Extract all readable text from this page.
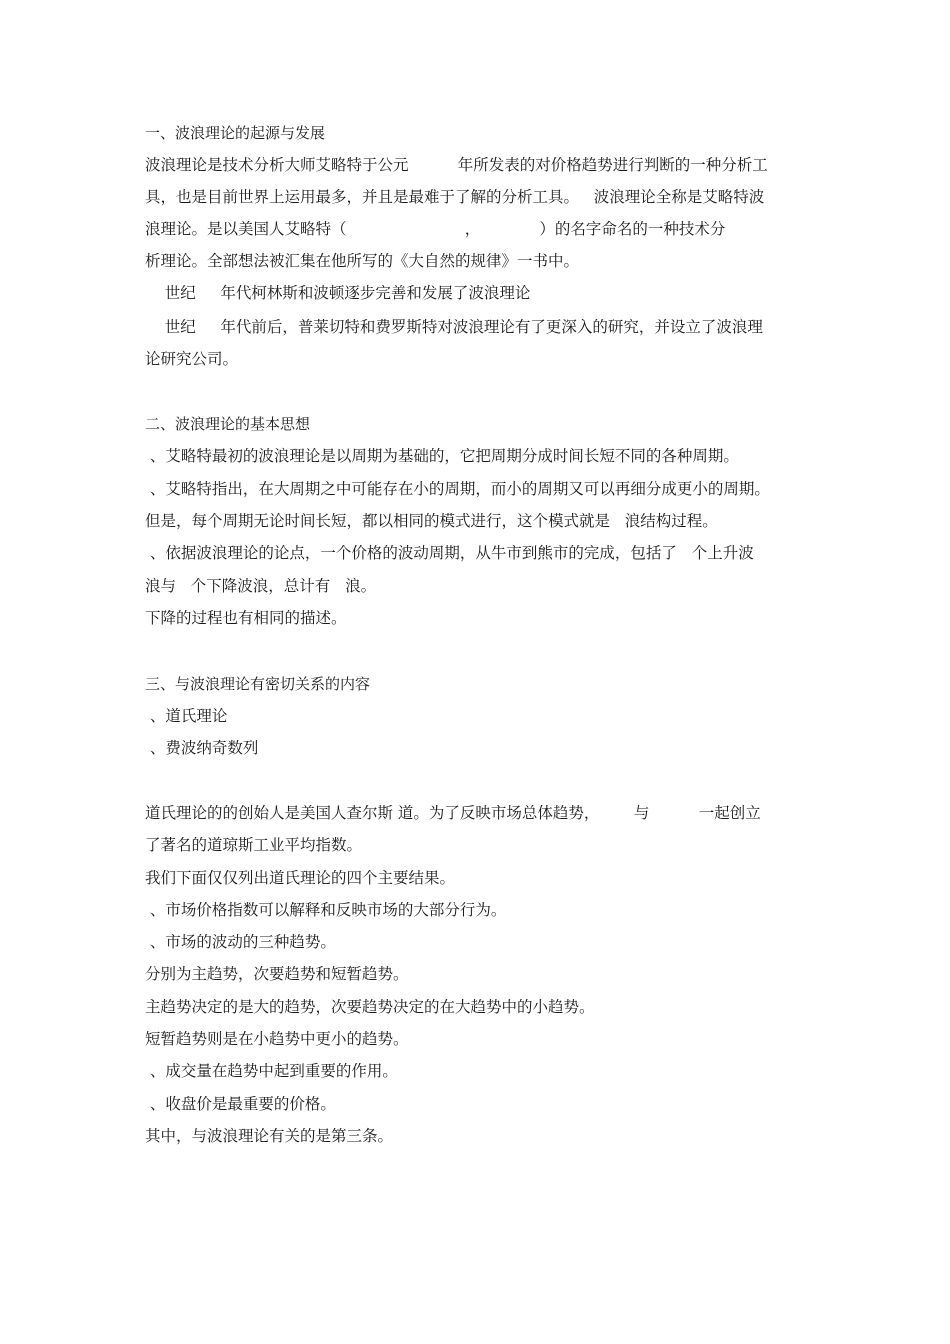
一、波浪理论的起源与发展
波浪理论是技术分析大师艾略特于公元          年所发表的对价格趋势进行判断的一种分析工
具，也是目前世界上运用最多，并且是最难于了解的分析工具。   波浪理论全称是艾略特波
浪理论。是以美国人艾略特（                        ，            ）的名字命名的一种技术分
析理论。全部想法被汇集在他所写的《大自然的规律》一书中。
世纪     年代柯林斯和波顿逐步完善和发展了波浪理论
世纪     年代前后，普莱切特和费罗斯特对波浪理论有了更深入的研究，并设立了波浪理
论研究公司。
二、波浪理论的基本思想
、艾略特最初的波浪理论是以周期为基础的，它把周期分成时间长短不同的各种周期。
、艾略特指出，在大周期之中可能存在小的周期，而小的周期又可以再细分成更小的周期。
但是，每个周期无论时间长短，都以相同的模式进行，这个模式就是   浪结构过程。
、依据波浪理论的论点，一个价格的波动周期，从牛市到熊市的完成，包括了   个上升波
浪与   个下降波浪，总计有   浪。
下降的过程也有相同的描述。
三、与波浪理论有密切关系的内容
、道氏理论
、费波纳奇数列
道氏理论的的创始人是美国人查尔斯 道。为了反映市场总体趋势，       与          一起创立
了著名的道琼斯工业平均指数。
我们下面仅仅列出道氏理论的四个主要结果。
、市场价格指数可以解释和反映市场的大部分行为。
、市场的波动的三种趋势。
分别为主趋势，次要趋势和短暂趋势。
主趋势决定的是大的趋势，次要趋势决定的在大趋势中的小趋势。
短暂趋势则是在小趋势中更小的趋势。
、成交量在趋势中起到重要的作用。
、收盘价是最重要的价格。
其中，与波浪理论有关的是第三条。
